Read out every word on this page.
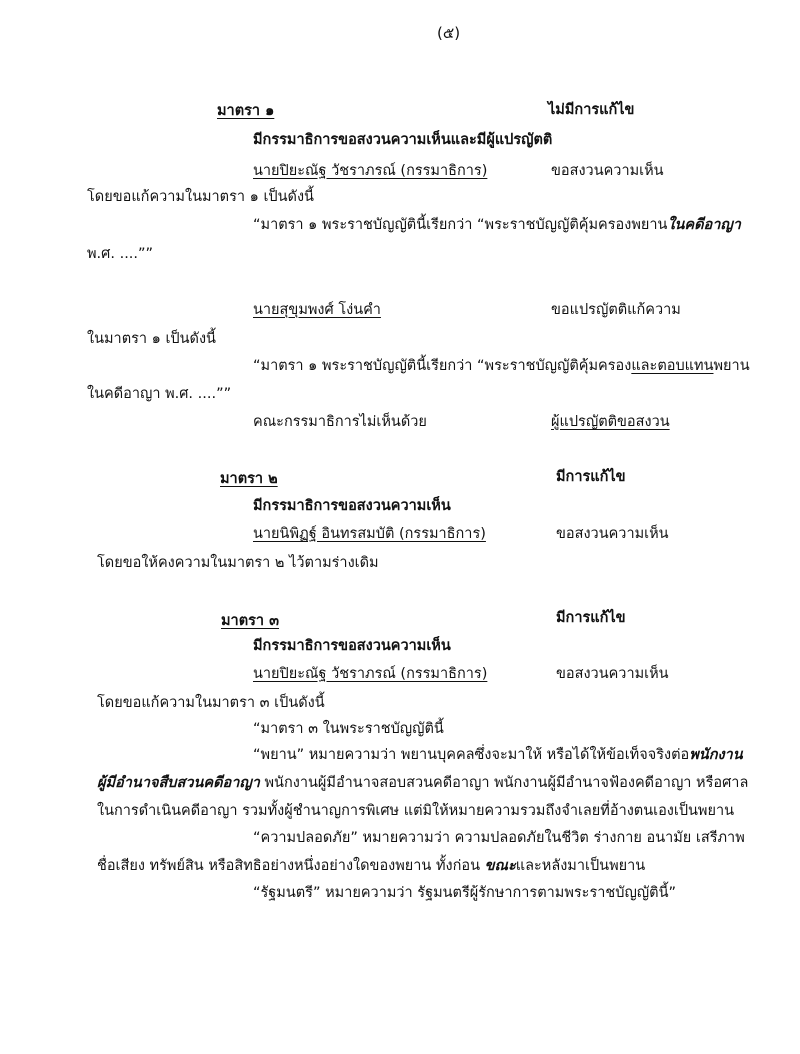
(๕)
มาตรา ๑	ไม่มีการแก้ไข
มีกรรมาธิการขอสงวนความเห็นและมีผู้แปรญัตติ
นายปิยะณัฐ วัชราภรณ์ (กรรมาธิการ)	ขอสงวนความเห็น
โดยขอแก้ความในมาตรา ๑ เป็นดังนี้
“มาตรา ๑ พระราชบัญญัตินี้เรียกว่า “พระราชบัญญัติคุ้มครองพยานในคดีอาญา
พ.ศ. ....””
นายสุขุมพงศ์ โง่นคำ	ขอแปรญัตติแก้ความ
ในมาตรา ๑ เป็นดังนี้
“มาตรา ๑ พระราชบัญญัตินี้เรียกว่า “พระราชบัญญัติคุ้มครองและตอบแทนพยาน
ในคดีอาญา พ.ศ. ....””
คณะกรรมาธิการไม่เห็นด้วย	ผู้แปรญัตติขอสงวน
มาตรา ๒	มีการแก้ไข
มีกรรมาธิการขอสงวนความเห็น
นายนิพิฏฐ์ อินทรสมบัติ (กรรมาธิการ)	ขอสงวนความเห็น
โดยขอให้คงความในมาตรา ๒ ไว้ตามร่างเดิม
มาตรา ๓	มีการแก้ไข
มีกรรมาธิการขอสงวนความเห็น
นายปิยะณัฐ วัชราภรณ์ (กรรมาธิการ)	ขอสงวนความเห็น
โดยขอแก้ความในมาตรา ๓ เป็นดังนี้
“มาตรา ๓ ในพระราชบัญญัตินี้
“พยาน” หมายความว่า พยานบุคคลซึ่งจะมาให้ หรือได้ให้ข้อเท็จจริงต่อพนักงาน
ผู้มีอำนาจสืบสวนคดีอาญา พนักงานผู้มีอำนาจสอบสวนคดีอาญา พนักงานผู้มีอำนาจฟ้องคดีอาญา หรือศาล
ในการดำเนินคดีอาญา รวมทั้งผู้ชำนาญการพิเศษ แต่มิให้หมายความรวมถึงจำเลยที่อ้างตนเองเป็นพยาน
“ความปลอดภัย” หมายความว่า ความปลอดภัยในชีวิต ร่างกาย อนามัย เสรีภาพ
ชื่อเสียง ทรัพย์สิน หรือสิทธิอย่างหนึ่งอย่างใดของพยาน ทั้งก่อน ขณะและหลังมาเป็นพยาน
“รัฐมนตรี” หมายความว่า รัฐมนตรีผู้รักษาการตามพระราชบัญญัตินี้”
